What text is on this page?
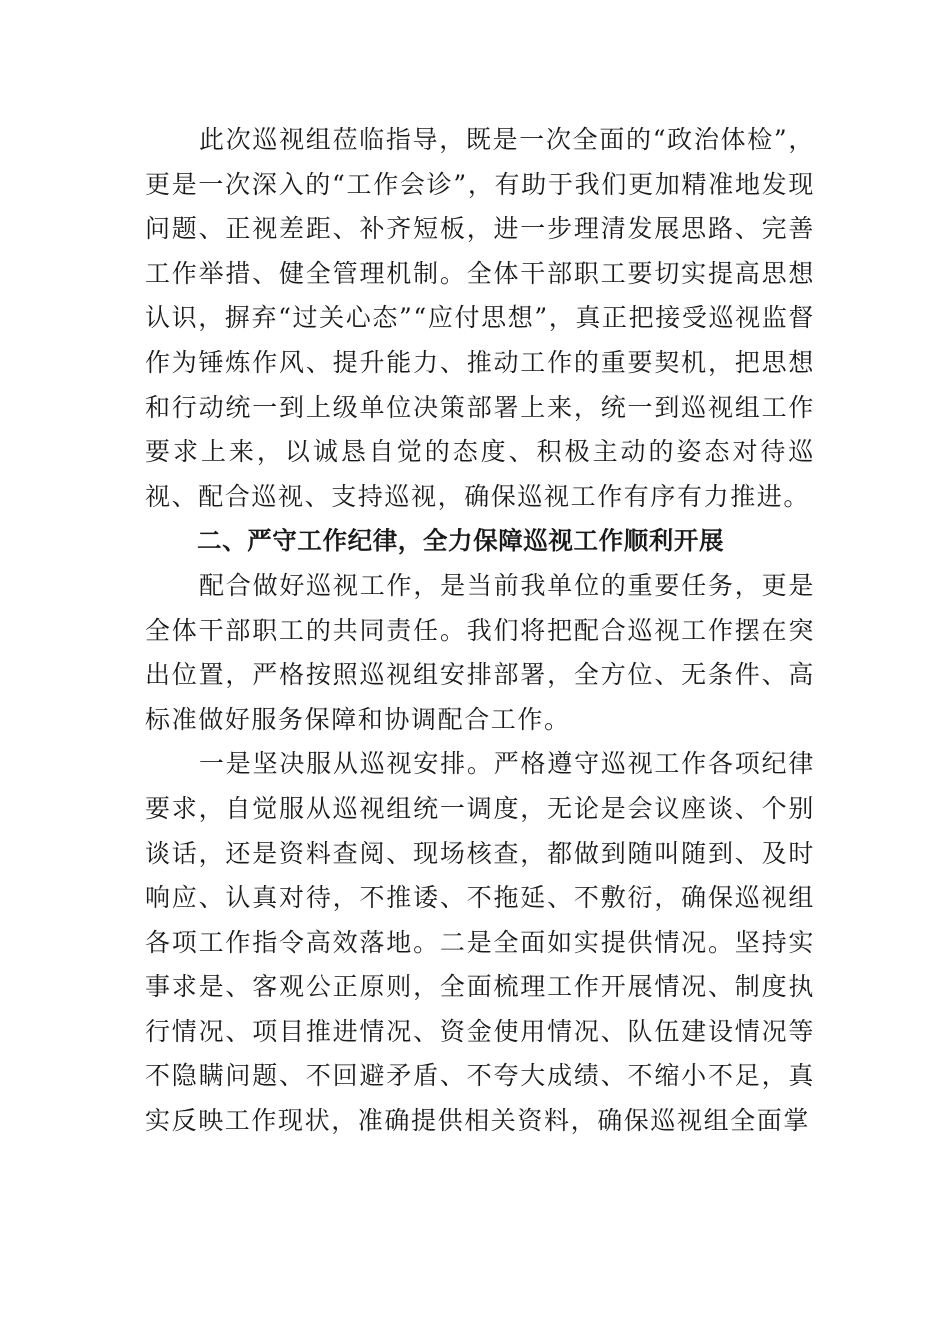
此次巡视组莅临指导，既是一次全面的“政治体检”，更是一次深入的“工作会诊”，有助于我们更加精准地发现问题、正视差距、补齐短板，进一步理清发展思路、完善工作举措、健全管理机制。全体干部职工要切实提高思想认识，摒弃“过关心态”“应付思想”，真正把接受巡视监督作为锤炼作风、提升能力、推动工作的重要契机，把思想和行动统一到上级单位决策部署上来，统一到巡视组工作要求上来，以诚恳自觉的态度、积极主动的姿态对待巡视、配合巡视、支持巡视，确保巡视工作有序有力推进。

二、严守工作纪律，全力保障巡视工作顺利开展

配合做好巡视工作，是当前我单位的重要任务，更是全体干部职工的共同责任。我们将把配合巡视工作摆在突出位置，严格按照巡视组安排部署，全方位、无条件、高标准做好服务保障和协调配合工作。

一是坚决服从巡视安排。严格遵守巡视工作各项纪律要求，自觉服从巡视组统一调度，无论是会议座谈、个别谈话，还是资料查阅、现场核查，都做到随叫随到、及时响应、认真对待，不推诿、不拖延、不敷衍，确保巡视组各项工作指令高效落地。二是全面如实提供情况。坚持实事求是、客观公正原则，全面梳理工作开展情况、制度执行情况、项目推进情况、资金使用情况、队伍建设情况等不隐瞒问题、不回避矛盾、不夸大成绩、不缩小不足，真实反映工作现状，准确提供相关资料，确保巡视组全面掌
